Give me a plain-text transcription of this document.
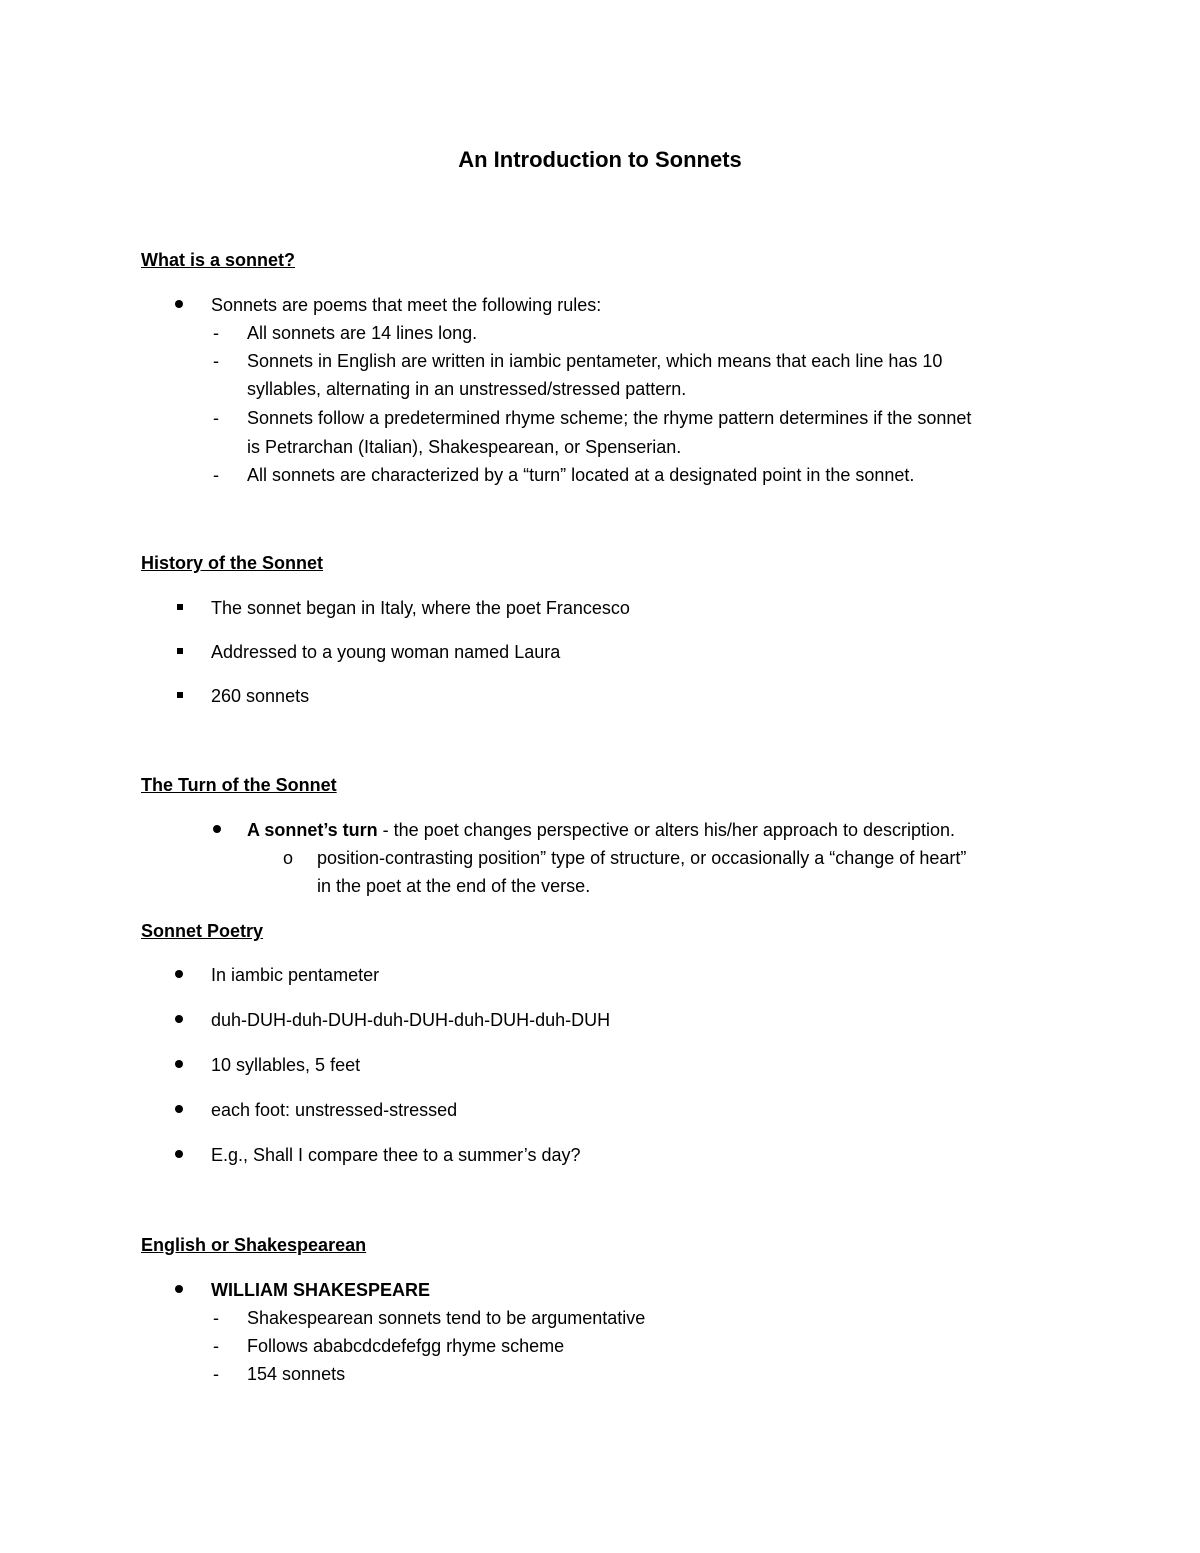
An Introduction to Sonnets
What is a sonnet?
Sonnets are poems that meet the following rules:
- All sonnets are 14 lines long.
- Sonnets in English are written in iambic pentameter, which means that each line has 10
syllables, alternating in an unstressed/stressed pattern.
- Sonnets follow a predetermined rhyme scheme; the rhyme pattern determines if the sonnet
is Petrarchan (Italian), Shakespearean, or Spenserian.
- All sonnets are characterized by a “turn” located at a designated point in the sonnet.
History of the Sonnet
The sonnet began in Italy, where the poet Francesco
Addressed to a young woman named Laura
260 sonnets
The Turn of the Sonnet
A sonnet’s turn - the poet changes perspective or alters his/her approach to description.
o position-contrasting position” type of structure, or occasionally a “change of heart”
in the poet at the end of the verse.
Sonnet Poetry
In iambic pentameter
duh-DUH-duh-DUH-duh-DUH-duh-DUH-duh-DUH
10 syllables, 5 feet
each foot: unstressed-stressed
E.g., Shall I compare thee to a summer’s day?
English or Shakespearean
WILLIAM SHAKESPEARE
- Shakespearean sonnets tend to be argumentative
- Follows ababcdcdefefgg rhyme scheme
- 154 sonnets
